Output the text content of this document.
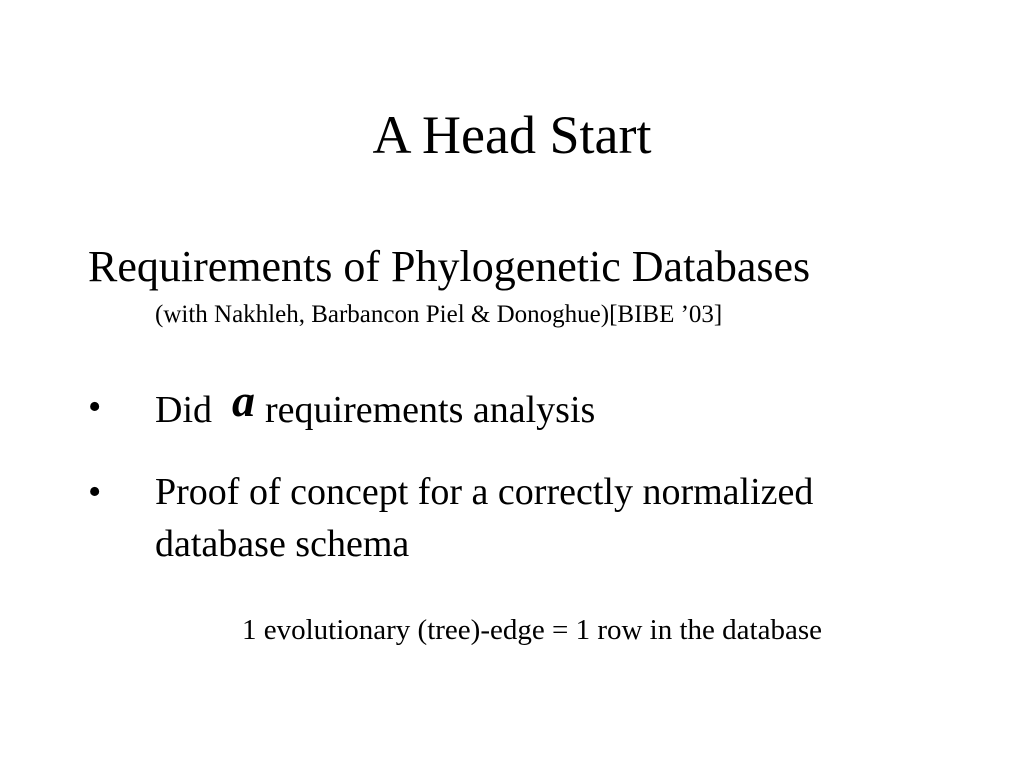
A Head Start
Requirements of Phylogenetic Databases
(with Nakhleh, Barbancon Piel & Donoghue)[BIBE ’03]
• Did a requirements analysis
• Proof of concept for a correctly normalized
database schema
1 evolutionary (tree)-edge = 1 row in the database
